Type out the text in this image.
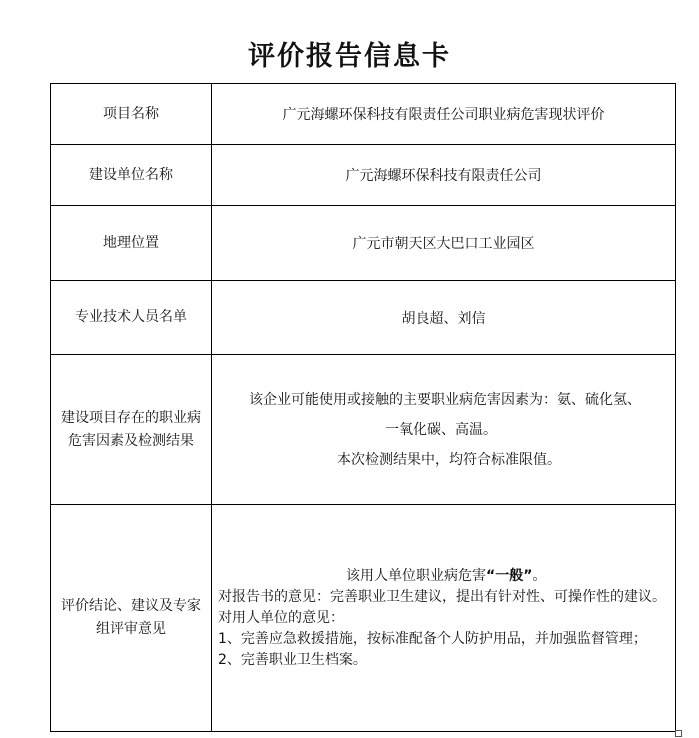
评价报告信息卡
项目名称	广元海螺环保科技有限责任公司职业病危害现状评价
建设单位名称	广元海螺环保科技有限责任公司
地理位置	广元市朝天区大巴口工业园区
专业技术人员名单	胡良超、刘信
建设项目存在的职业病危害因素及检测结果	该企业可能使用或接触的主要职业病危害因素为：氨、硫化氢、
一氧化碳、高温。
本次检测结果中，均符合标准限值。

评价结论、建议及专家组评审意见	该用人单位职业病危害“一般”。
对报告书的意见：完善职业卫生建议，提出有针对性、可操作性的建议。
对用人单位的意见：
1、完善应急救援措施，按标准配备个人防护用品，并加强监督管理；
2、完善职业卫生档案。
